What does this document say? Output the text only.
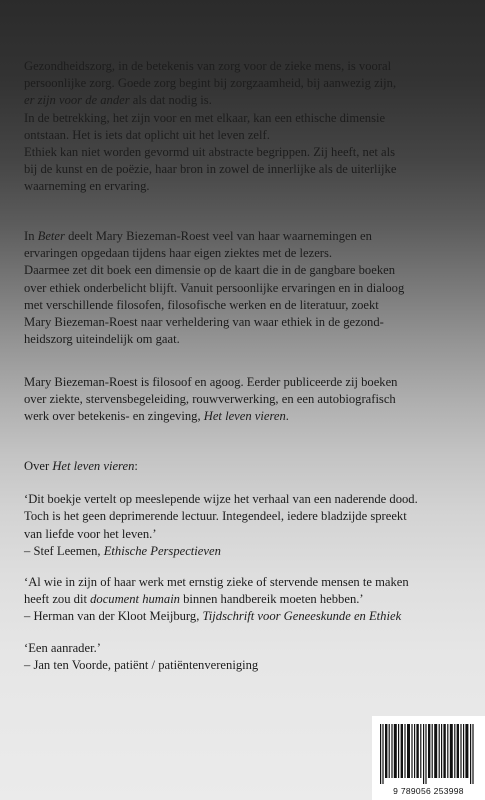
Gezondheidszorg, in de betekenis van zorg voor de zieke mens, is vooral

persoonlijke zorg. Goede zorg begint bij zorgzaamheid, bij aanwezig zijn,

er zijn voor de ander als dat nodig is.

In de betrekking, het zijn voor en met elkaar, kan een ethische dimensie

ontstaan. Het is iets dat oplicht uit het leven zelf.

Ethiek kan niet worden gevormd uit abstracte begrippen. Zij heeft, net als

bij de kunst en de poëzie, haar bron in zowel de innerlijke als de uiterlijke

waarneming en ervaring.

In Beter deelt Mary Biezeman-Roest veel van haar waarnemingen en

ervaringen opgedaan tijdens haar eigen ziektes met de lezers.

Daarmee zet dit boek een dimensie op de kaart die in de gangbare boeken

over ethiek onderbelicht blijft. Vanuit persoonlijke ervaringen en in dialoog

met verschillende filosofen, filosofische werken en de literatuur, zoekt

Mary Biezeman-Roest naar verheldering van waar ethiek in de gezond-

heidszorg uiteindelijk om gaat.

Mary Biezeman-Roest is filosoof en agoog. Eerder publiceerde zij boeken

over ziekte, stervensbegeleiding, rouwverwerking, en een autobiografisch

werk over betekenis- en zingeving, Het leven vieren.

Over Het leven vieren:

‘Dit boekje vertelt op meeslepende wijze het verhaal van een naderende dood.

Toch is het geen deprimerende lectuur. Integendeel, iedere bladzijde spreekt

van liefde voor het leven.’

– Stef Leemen, Ethische Perspectieven

‘Al wie in zijn of haar werk met ernstig zieke of stervende mensen te maken

heeft zou dit document humain binnen handbereik moeten hebben.’

– Herman van der Kloot Meijburg, Tijdschrift voor Geneeskunde en Ethiek

‘Een aanrader.’

– Jan ten Voorde, patiënt / patiëntenvereniging

9 789056 253998
